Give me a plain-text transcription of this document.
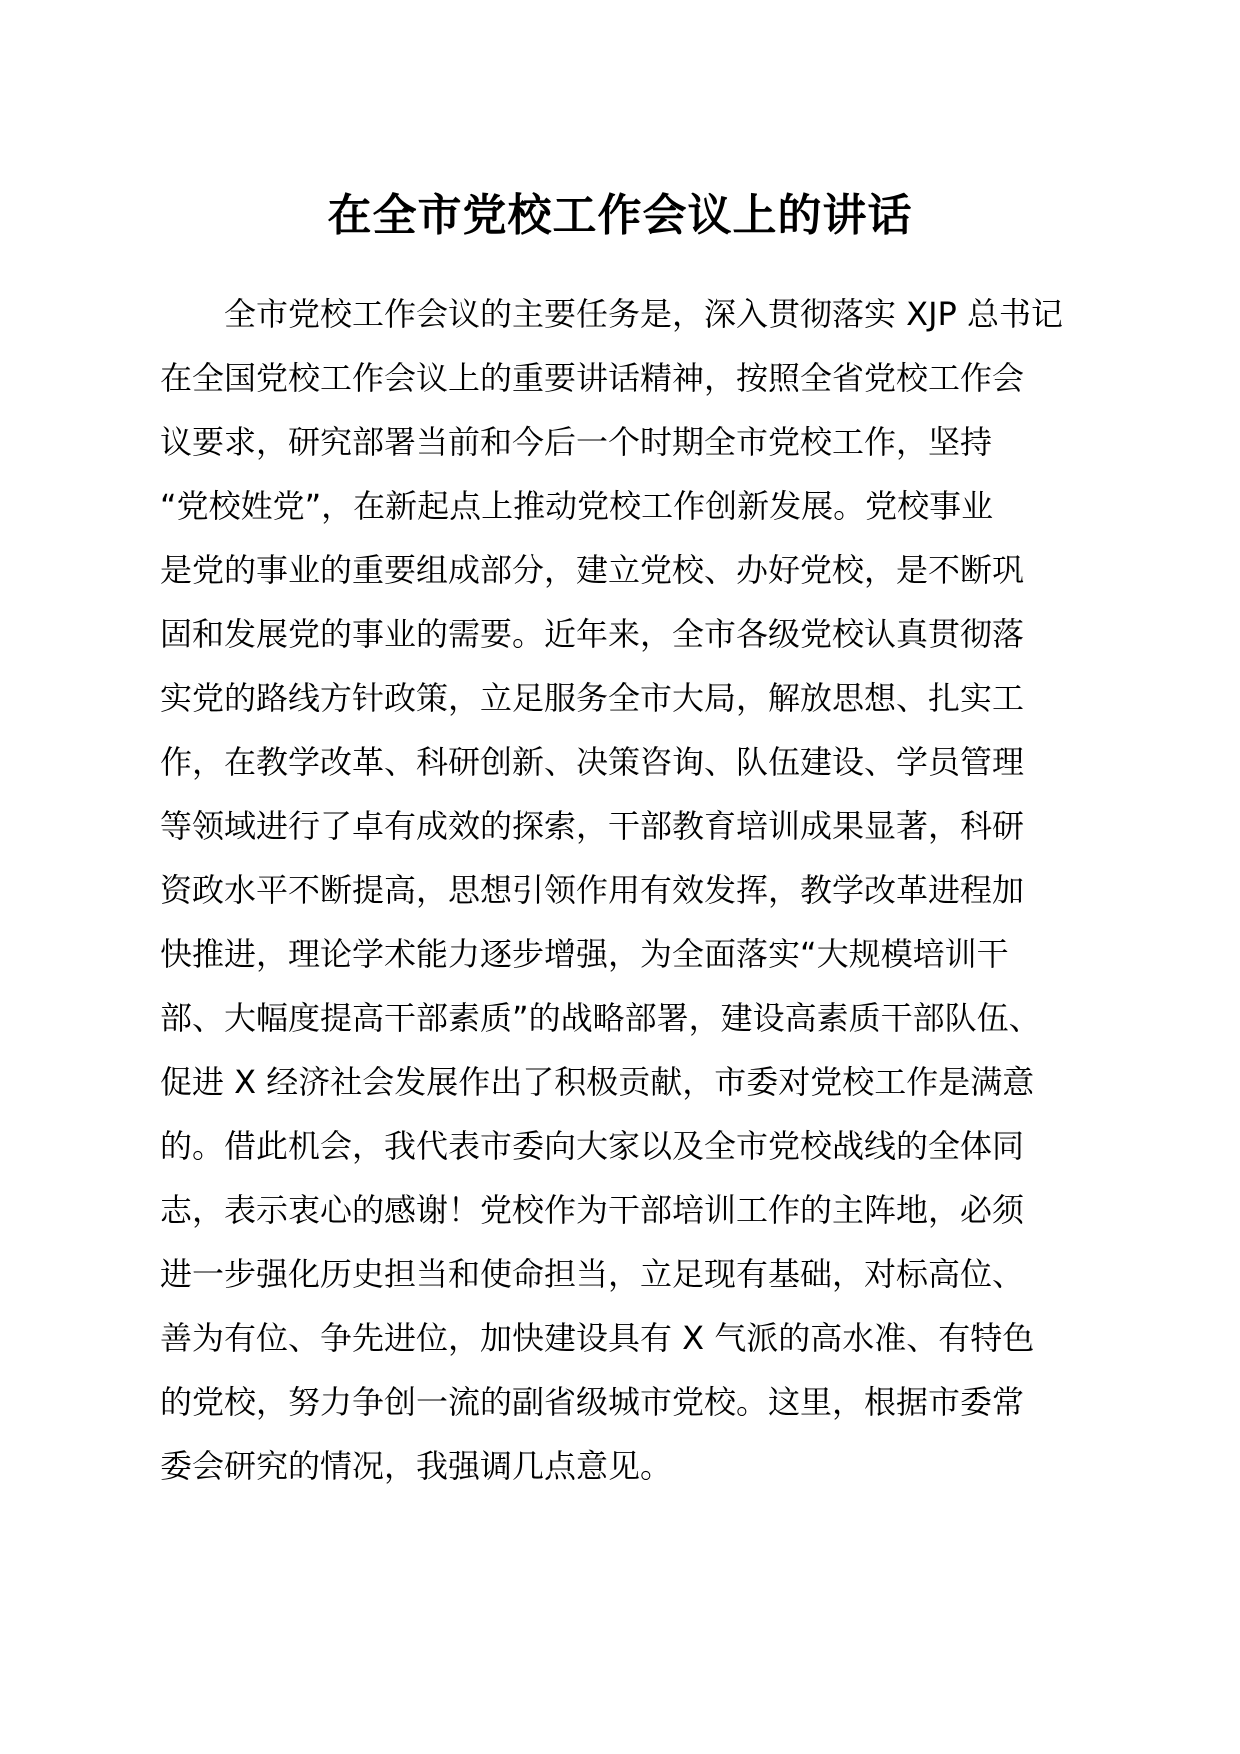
在全市党校工作会议上的讲话
　　全市党校工作会议的主要任务是，深入贯彻落实 XJP 总书记
在全国党校工作会议上的重要讲话精神，按照全省党校工作会
议要求，研究部署当前和今后一个时期全市党校工作，坚持
“党校姓党”，在新起点上推动党校工作创新发展。党校事业
是党的事业的重要组成部分，建立党校、办好党校，是不断巩
固和发展党的事业的需要。近年来，全市各级党校认真贯彻落
实党的路线方针政策，立足服务全市大局，解放思想、扎实工
作，在教学改革、科研创新、决策咨询、队伍建设、学员管理
等领域进行了卓有成效的探索，干部教育培训成果显著，科研
资政水平不断提高，思想引领作用有效发挥，教学改革进程加
快推进，理论学术能力逐步增强，为全面落实“大规模培训干
部、大幅度提高干部素质”的战略部署，建设高素质干部队伍、
促进 X 经济社会发展作出了积极贡献，市委对党校工作是满意
的。借此机会，我代表市委向大家以及全市党校战线的全体同
志，表示衷心的感谢！党校作为干部培训工作的主阵地，必须
进一步强化历史担当和使命担当，立足现有基础，对标高位、
善为有位、争先进位，加快建设具有 X 气派的高水准、有特色
的党校，努力争创一流的副省级城市党校。这里，根据市委常
委会研究的情况，我强调几点意见。
